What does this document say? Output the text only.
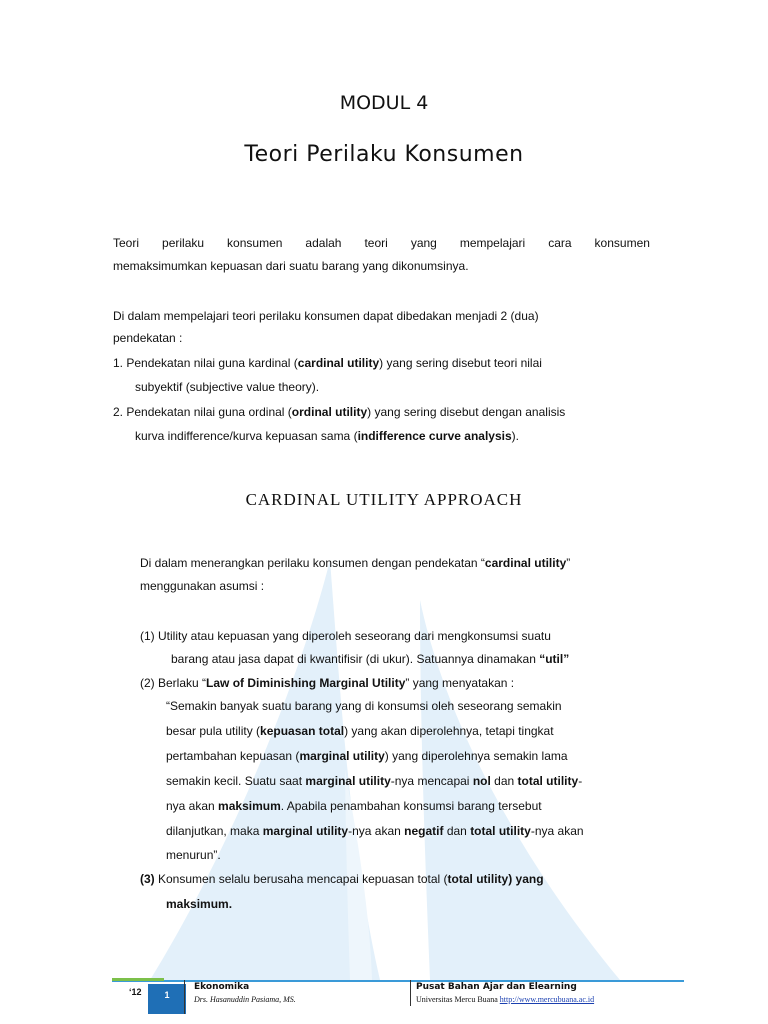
MODUL 4
Teori Perilaku Konsumen
Teori perilaku konsumen adalah teori yang mempelajari cara konsumen
memaksimumkan kepuasan dari suatu barang yang dikonumsinya.
Di dalam mempelajari teori perilaku konsumen dapat dibedakan menjadi 2 (dua)
pendekatan :
1. Pendekatan nilai guna kardinal (cardinal utility) yang sering disebut teori nilai
subyektif (subjective value theory).
2. Pendekatan nilai guna ordinal (ordinal utility) yang sering disebut dengan analisis
kurva indifference/kurva kepuasan sama (indifference curve analysis).
CARDINAL UTILITY APPROACH
Di dalam menerangkan perilaku konsumen dengan pendekatan “cardinal utility”
menggunakan asumsi :
(1) Utility atau kepuasan yang diperoleh seseorang dari mengkonsumsi suatu
barang atau jasa dapat di kwantifisir (di ukur). Satuannya dinamakan “util”
(2) Berlaku “Law of Diminishing Marginal Utility” yang menyatakan :
“Semakin banyak suatu barang yang di konsumsi oleh seseorang semakin
besar pula utility (kepuasan total) yang akan diperolehnya, tetapi tingkat
pertambahan kepuasan (marginal utility) yang diperolehnya semakin lama
semakin kecil. Suatu saat marginal utility-nya mencapai nol dan total utility-
nya akan maksimum. Apabila penambahan konsumsi barang tersebut
dilanjutkan, maka marginal utility-nya akan negatif dan total utility-nya akan
menurun”.
(3) Konsumen selalu berusaha mencapai kepuasan total (total utility) yang
maksimum.
‘12	1
Ekonomika
Drs. Hasanuddin Pasiama, MS.
Pusat Bahan Ajar dan Elearning
Universitas Mercu Buana http://www.mercubuana.ac.id
